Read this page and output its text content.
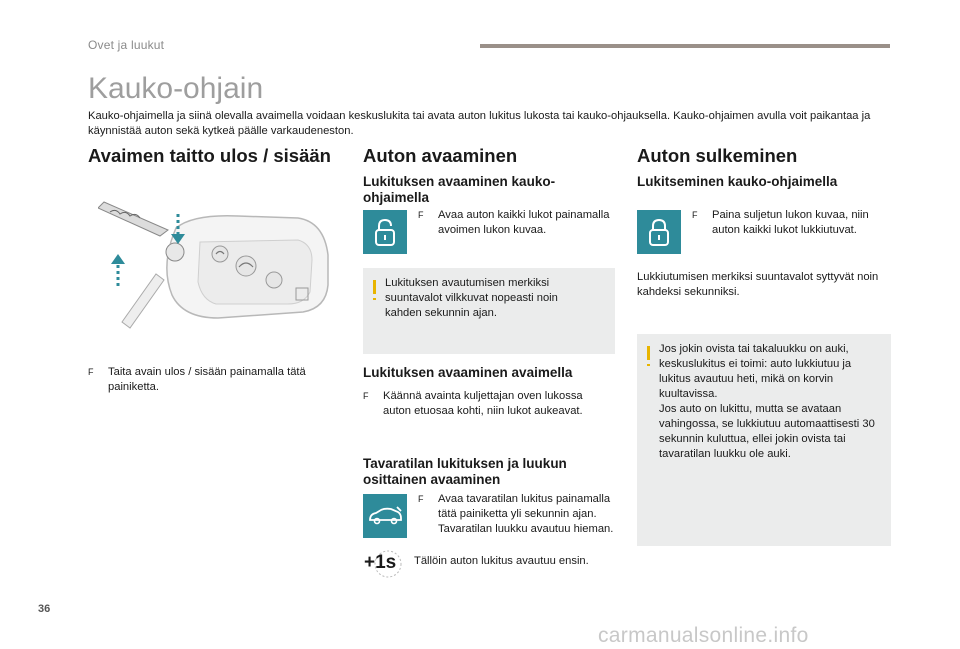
Ovet ja luukut
Kauko-ohjain
Kauko-ohjaimella ja siinä olevalla avaimella voidaan keskuslukita tai avata auton lukitus lukosta tai kauko-ohjauksella. Kauko-ohjaimen avulla voit paikantaa ja käynnistää auton sekä kytkeä päälle varkaudeneston.
Avaimen taitto ulos / sisään
F	Taita avain ulos / sisään painamalla tätä painiketta.
Auton avaaminen
Lukituksen avaaminen kauko-ohjaimella
F	Avaa auton kaikki lukot painamalla avoimen lukon kuvaa.
Lukituksen avautumisen merkiksi suuntavalot vilkkuvat nopeasti noin kahden sekunnin ajan.
Lukituksen avaaminen avaimella
F	Käännä avainta kuljettajan oven lukossa auton etuosaa kohti, niin lukot aukeavat.
Tavaratilan lukituksen ja luukun osittainen avaaminen
F	Avaa tavaratilan lukitus painamalla tätä painiketta yli sekunnin ajan. Tavaratilan luukku avautuu hieman.
+1s Tällöin auton lukitus avautuu ensin.
Auton sulkeminen
Lukitseminen kauko-ohjaimella
F	Paina suljetun lukon kuvaa, niin auton kaikki lukot lukkiutuvat.
Lukkiutumisen merkiksi suuntavalot syttyvät noin kahdeksi sekunniksi.
Jos jokin ovista tai takaluukku on auki, keskuslukitus ei toimi: auto lukkiutuu ja lukitus avautuu heti, mikä on korvin kuultavissa.
Jos auto on lukittu, mutta se avataan vahingossa, se lukkiutuu automaattisesti 30 sekunnin kuluttua, ellei jokin ovista tai tavaratilan luukku ole auki.
36
carmanualsonline.info
